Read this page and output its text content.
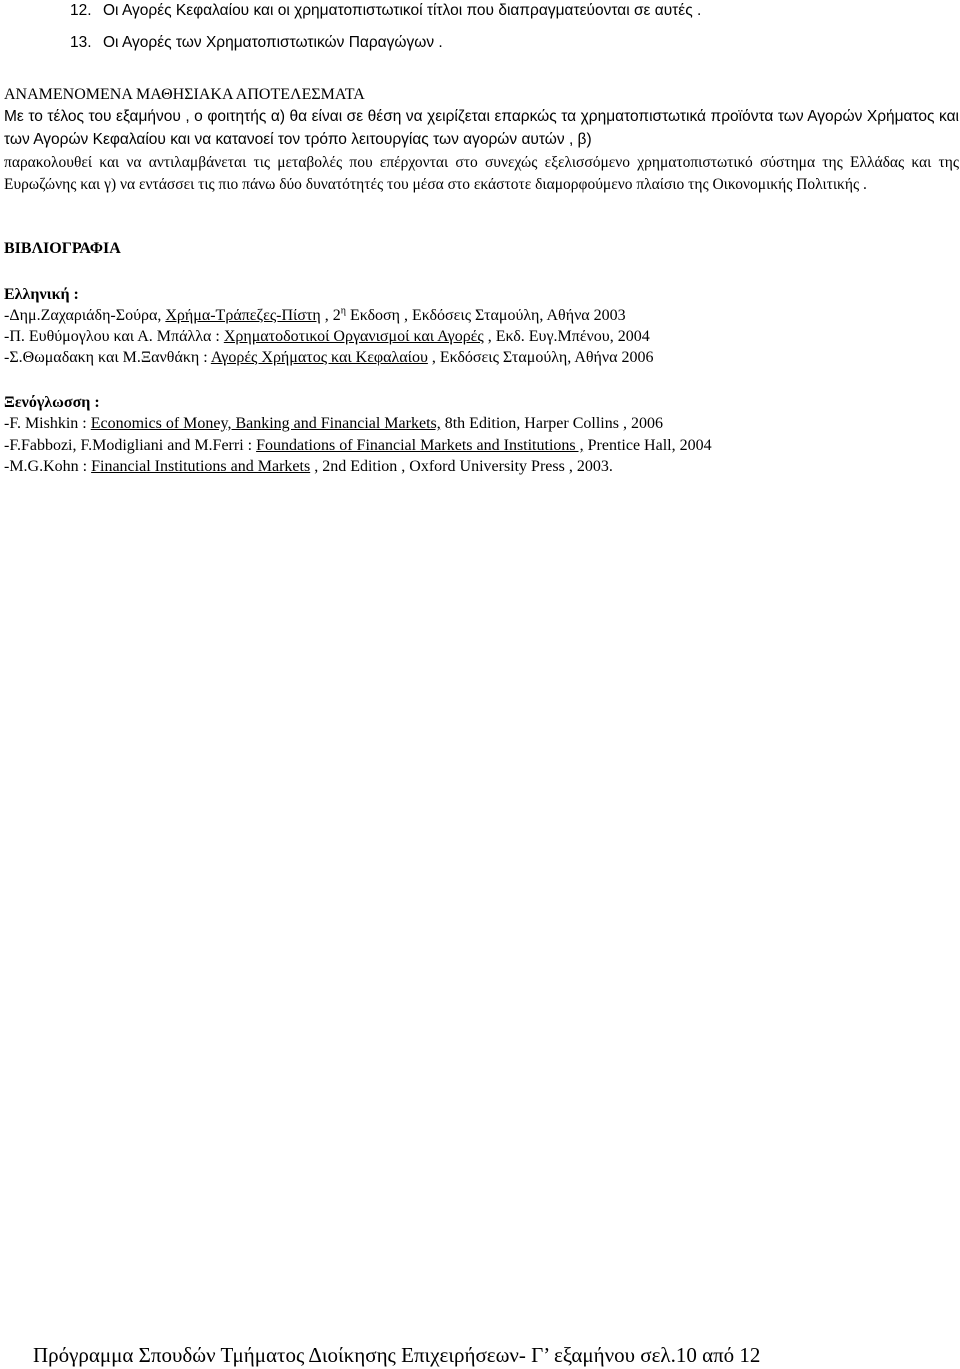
12. Οι Αγορές Κεφαλαίου και οι χρηματοπιστωτικοί τίτλοι που διαπραγματεύονται σε αυτές .
13. Οι Αγορές των Χρηματοπιστωτικών Παραγώγων .
ΑΝΑΜΕΝΟΜΕΝΑ ΜΑΘΗΣΙΑΚΑ ΑΠΟΤΕΛΕΣΜΑΤΑ

Με το τέλος του εξαμήνου , ο φοιτητής α) θα είναι σε θέση να χειρίζεται επαρκώς τα χρηματοπιστωτικά προϊόντα των Αγορών Χρήματος και των Αγορών Κεφαλαίου και να κατανοεί τον τρόπο λειτουργίας των αγορών αυτών , β)

παρακολουθεί και να αντιλαμβάνεται τις μεταβολές που επέρχονται στο συνεχώς εξελισσόμενο χρηματοπιστωτικό σύστημα της Ελλάδας και της Ευρωζώνης και γ) να εντάσσει τις πιο πάνω δύο δυνατότητές του μέσα στο εκάστοτε διαμορφούμενο πλαίσιο της Οικονομικής Πολιτικής .

ΒΙΒΛΙΟΓΡΑΦΙΑ
Ελληνική :
-Δημ.Ζαχαριάδη-Σούρα, Χρήμα-Τράπεζες-Πίστη , $2^\eta$ Εκδοση , Εκδόσεις Σταμούλη, Αθήνα 2003
-Π. Ευθύμογλου και Α. Μπάλλα : Χρηματοδοτικοί Οργανισμοί και Αγορές , Εκδ. Ευγ.Μπένου, 2004
-Σ.Θωμαδακη και Μ.Ξανθάκη : Αγορές Χρήματος και Κεφαλαίου , Εκδόσεις Σταμούλη, Αθήνα 2006
Ξενόγλωσση :
-F. Mishkin : Economics of Money, Banking and Financial Markets, 8th Edition, Harper Collins , 2006
-F.Fabbozi, F.Modigliani and M.Ferri : Foundations of Financial Markets and Institutions , Prentice Hall, 2004
-M.G.Kohn : Financial Institutions and Markets , 2nd Edition , Oxford University Press , 2003.
Πρόγραμμα Σπουδών Τμήματος Διοίκησης Επιχειρήσεων- Γ’ εξαμήνου σελ.10 από 12
